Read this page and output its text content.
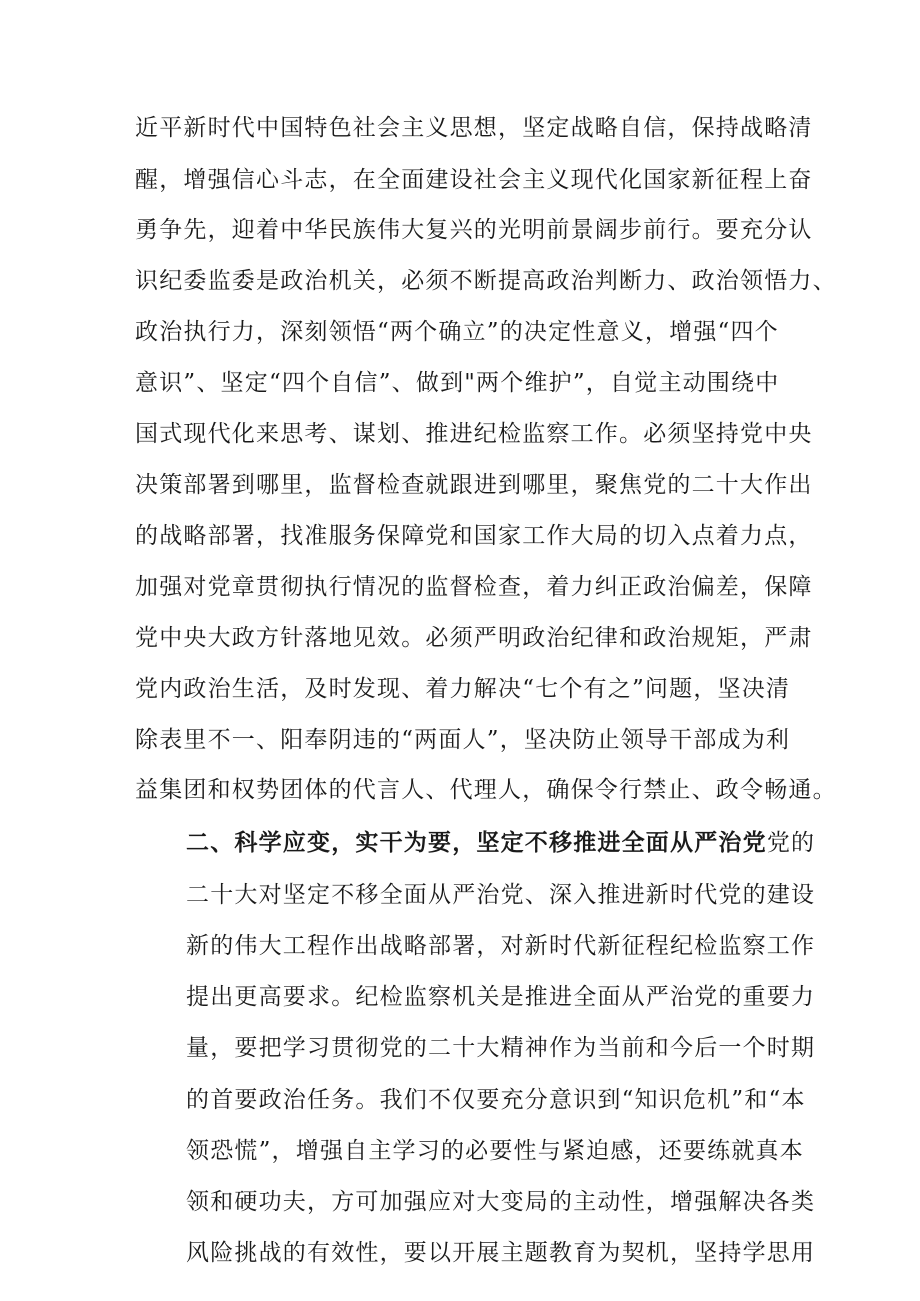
近平新时代中国特色社会主义思想，坚定战略自信，保持战略清
醒，增强信心斗志，在全面建设社会主义现代化国家新征程上奋
勇争先，迎着中华民族伟大复兴的光明前景阔步前行。要充分认
识纪委监委是政治机关，必须不断提高政治判断力、政治领悟力、
政治执行力，深刻领悟“两个确立”的决定性意义，增强“四个
意识”、坚定“四个自信”、做到"两个维护”，自觉主动围绕中
国式现代化来思考、谋划、推进纪检监察工作。必须坚持党中央
决策部署到哪里，监督检查就跟进到哪里，聚焦党的二十大作出
的战略部署，找准服务保障党和国家工作大局的切入点着力点，
加强对党章贯彻执行情况的监督检查，着力纠正政治偏差，保障
党中央大政方针落地见效。必须严明政治纪律和政治规矩，严肃
党内政治生活，及时发现、着力解决“七个有之”问题，坚决清
除表里不一、阳奉阴违的“两面人”，坚决防止领导干部成为利
益集团和权势团体的代言人、代理人，确保令行禁止、政令畅通。
二、科学应变，实干为要，坚定不移推进全面从严治党党的
二十大对坚定不移全面从严治党、深入推进新时代党的建设
新的伟大工程作出战略部署，对新时代新征程纪检监察工作
提出更高要求。纪检监察机关是推进全面从严治党的重要力
量，要把学习贯彻党的二十大精神作为当前和今后一个时期
的首要政治任务。我们不仅要充分意识到“知识危机”和“本
领恐慌”，增强自主学习的必要性与紧迫感，还要练就真本
领和硬功夫，方可加强应对大变局的主动性，增强解决各类
风险挑战的有效性，要以开展主题教育为契机，坚持学思用
